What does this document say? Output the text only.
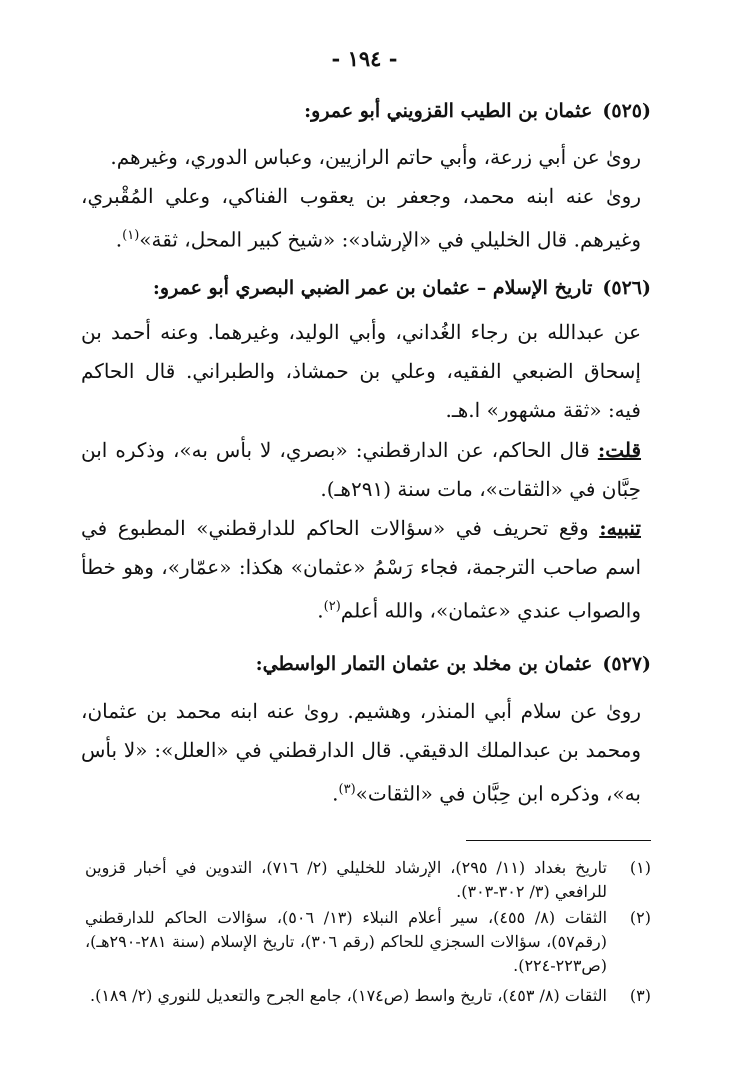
- ١٩٤ -
(٥٢٥)عثمان بن الطيب القزويني أبو عمرو:
روىٰ عن أبي زرعة، وأبي حاتم الرازيين، وعباس الدوري، وغيرهم.
روىٰ عنه ابنه محمد، وجعفر بن يعقوب الفناكي، وعلي المُقْبري، وغيرهم. قال الخليلي في «الإرشاد»: «شيخ كبير المحل، ثقة»$^{(١)}$.
(٥٢٦)تاريخ الإسلام – عثمان بن عمر الضبي البصري أبو عمرو:
عن عبدالله بن رجاء الغُداني، وأبي الوليد، وغيرهما. وعنه أحمد بن إسحاق الضبعي الفقيه، وعلي بن حمشاذ، والطبراني. قال الحاكم فيه: «ثقة مشهور» ا.هـ.
قلت: قال الحاكم، عن الدارقطني: «بصري، لا بأس به»، وذكره ابن حِبَّان في «الثقات»، مات سنة (٢٩١هـ).
تنبيه: وقع تحريف في «سؤالات الحاكم للدارقطني» المطبوع في اسم صاحب الترجمة، فجاء رَسْمُ «عثمان» هكذا: «عمّار»، وهو خطأ والصواب عندي «عثمان»، والله أعلم$^{(٢)}$.
(٥٢٧)عثمان بن مخلد بن عثمان التمار الواسطي:
روىٰ عن سلام أبي المنذر، وهشيم. روىٰ عنه ابنه محمد بن عثمان، ومحمد بن عبدالملك الدقيقي. قال الدارقطني في «العلل»: «لا بأس به»، وذكره ابن حِبَّان في «الثقات»$^{(٣)}$.
(١)تاريخ بغداد (١١/ ٢٩٥)، الإرشاد للخليلي (٢/ ٧١٦)، التدوين في أخبار قزوين للرافعي (٣/ ٣٠٢-٣٠٣).
(٢)الثقات (٨/ ٤٥٥)، سير أعلام النبلاء (١٣/ ٥٠٦)، سؤالات الحاكم للدارقطني (رقم٥٧)، سؤالات السجزي للحاكم (رقم ٣٠٦)، تاريخ الإسلام (سنة ٢٨١-٢٩٠هـ)، (ص٢٢٣-٢٢٤).
(٣)الثقات (٨/ ٤٥٣)، تاريخ واسط (ص١٧٤)، جامع الجرح والتعديل للنوري (٢/ ١٨٩).
